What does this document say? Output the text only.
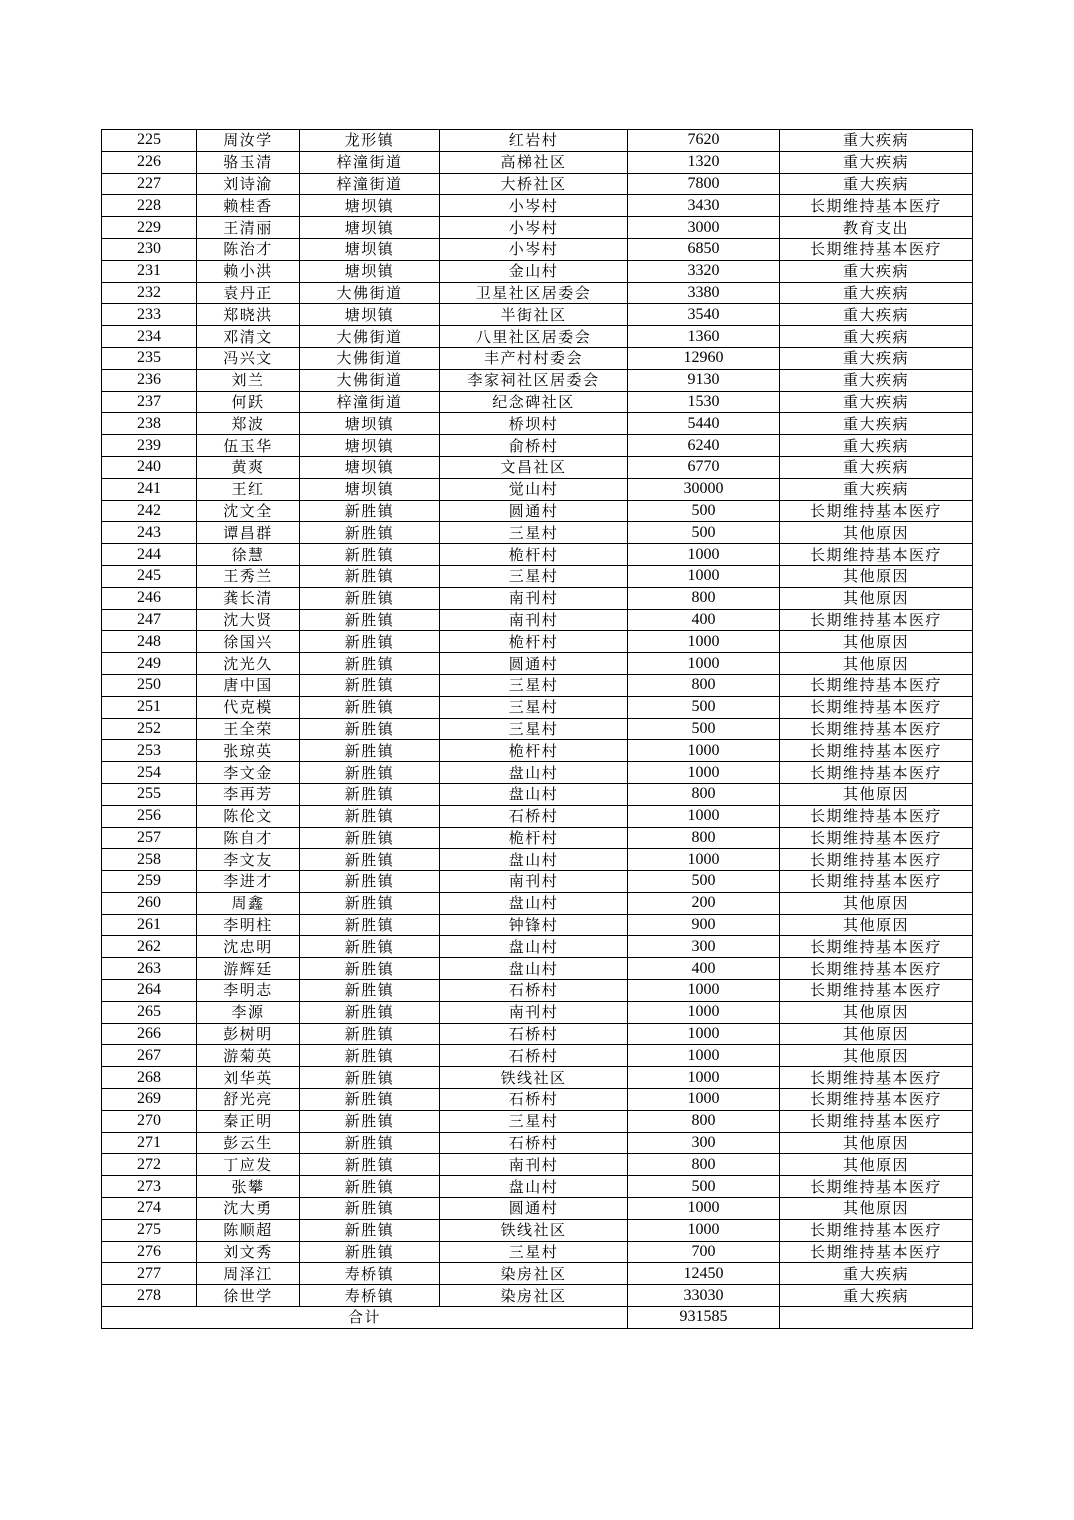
225	周汝学	龙形镇	红岩村	7620	重大疾病
226	骆玉清	梓潼街道	高梯社区	1320	重大疾病
227	刘诗渝	梓潼街道	大桥社区	7800	重大疾病
228	赖桂香	塘坝镇	小岑村	3430	长期维持基本医疗
229	王清丽	塘坝镇	小岑村	3000	教育支出
230	陈治才	塘坝镇	小岑村	6850	长期维持基本医疗
231	赖小洪	塘坝镇	金山村	3320	重大疾病
232	袁丹正	大佛街道	卫星社区居委会	3380	重大疾病
233	郑晓洪	塘坝镇	半街社区	3540	重大疾病
234	邓清文	大佛街道	八里社区居委会	1360	重大疾病
235	冯兴文	大佛街道	丰产村村委会	12960	重大疾病
236	刘兰	大佛街道	李家祠社区居委会	9130	重大疾病
237	何跃	梓潼街道	纪念碑社区	1530	重大疾病
238	郑波	塘坝镇	桥坝村	5440	重大疾病
239	伍玉华	塘坝镇	俞桥村	6240	重大疾病
240	黄爽	塘坝镇	文昌社区	6770	重大疾病
241	王红	塘坝镇	觉山村	30000	重大疾病
242	沈文全	新胜镇	圆通村	500	长期维持基本医疗
243	谭昌群	新胜镇	三星村	500	其他原因
244	徐慧	新胜镇	桅杆村	1000	长期维持基本医疗
245	王秀兰	新胜镇	三星村	1000	其他原因
246	龚长清	新胜镇	南刊村	800	其他原因
247	沈大贤	新胜镇	南刊村	400	长期维持基本医疗
248	徐国兴	新胜镇	桅杆村	1000	其他原因
249	沈光久	新胜镇	圆通村	1000	其他原因
250	唐中国	新胜镇	三星村	800	长期维持基本医疗
251	代克模	新胜镇	三星村	500	长期维持基本医疗
252	王全荣	新胜镇	三星村	500	长期维持基本医疗
253	张琼英	新胜镇	桅杆村	1000	长期维持基本医疗
254	李文金	新胜镇	盘山村	1000	长期维持基本医疗
255	李再芳	新胜镇	盘山村	800	其他原因
256	陈伦文	新胜镇	石桥村	1000	长期维持基本医疗
257	陈自才	新胜镇	桅杆村	800	长期维持基本医疗
258	李文友	新胜镇	盘山村	1000	长期维持基本医疗
259	李进才	新胜镇	南刊村	500	长期维持基本医疗
260	周鑫	新胜镇	盘山村	200	其他原因
261	李明柱	新胜镇	钟锋村	900	其他原因
262	沈忠明	新胜镇	盘山村	300	长期维持基本医疗
263	游辉廷	新胜镇	盘山村	400	长期维持基本医疗
264	李明志	新胜镇	石桥村	1000	长期维持基本医疗
265	李源	新胜镇	南刊村	1000	其他原因
266	彭树明	新胜镇	石桥村	1000	其他原因
267	游菊英	新胜镇	石桥村	1000	其他原因
268	刘华英	新胜镇	铁线社区	1000	长期维持基本医疗
269	舒光亮	新胜镇	石桥村	1000	长期维持基本医疗
270	秦正明	新胜镇	三星村	800	长期维持基本医疗
271	彭云生	新胜镇	石桥村	300	其他原因
272	丁应发	新胜镇	南刊村	800	其他原因
273	张攀	新胜镇	盘山村	500	长期维持基本医疗
274	沈大勇	新胜镇	圆通村	1000	其他原因
275	陈顺超	新胜镇	铁线社区	1000	长期维持基本医疗
276	刘文秀	新胜镇	三星村	700	长期维持基本医疗
277	周泽江	寿桥镇	染房社区	12450	重大疾病
278	徐世学	寿桥镇	染房社区	33030	重大疾病
合计				931585	
